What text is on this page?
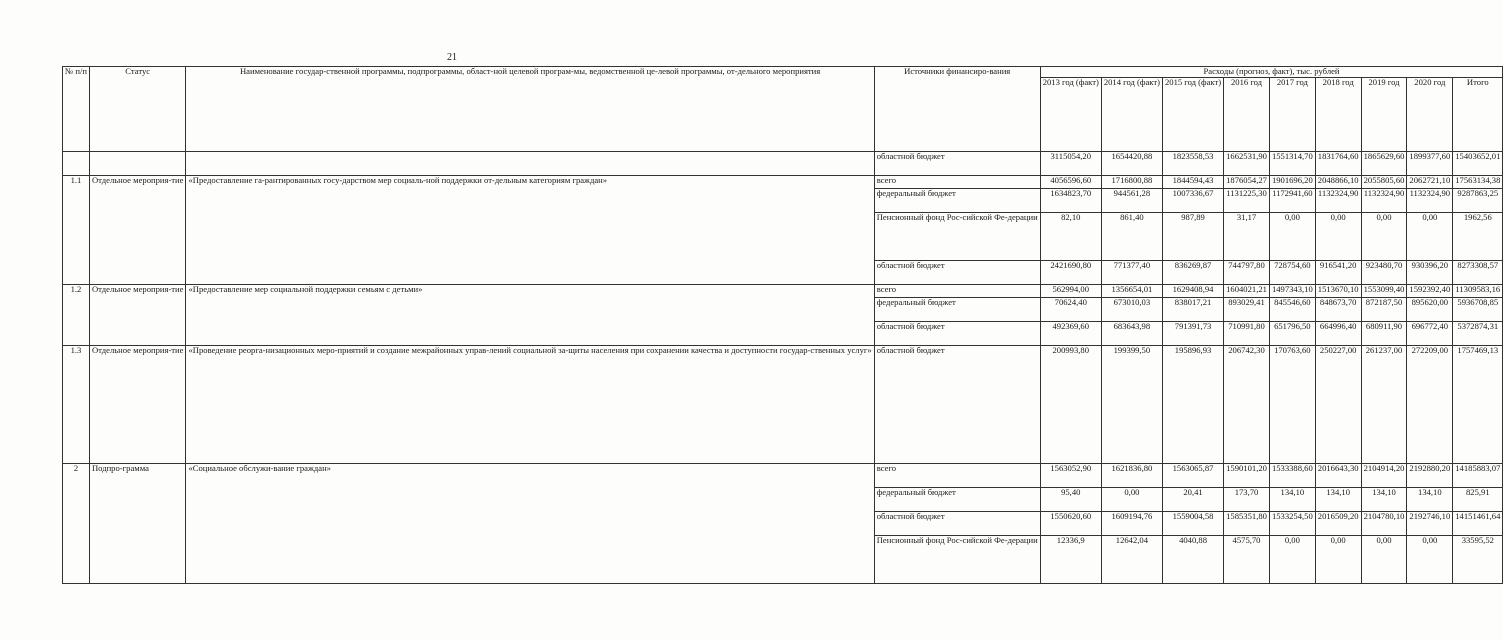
21
№ п/п	Статус	Наименование государ-ственной программы, подпрограммы, област-ной целевой програм-мы, ведомственной це-левой программы, от-дельного мероприятия	Источники финансиро-вания	Расходы (прогноз, факт), тыс. рублей								
				2013 год (факт)	2014 год (факт)	2015 год (факт)	2016 год	2017 год	2018 год	2019 год	2020 год	Итого
			областной бюджет	3115054,20	1654420,88	1823558,53	1662531,90	1551314,70	1831764,60	1865629,60	1899377,60	15403652,01
1.1	Отдельное мероприя-тие	«Предоставление га-рантированных госу-дарством мер социаль-ной поддержки от-дельным категориям граждан»	всего	4056596,60	1716800,88	1844594,43	1876054,27	1901696,20	2048866,10	2055805,60	2062721,10	17563134,38
			федеральный бюджет	1634823,70	944561,28	1007336,67	1131225,30	1172941,60	1132324,90	1132324,90	1132324,90	9287863,25
			Пенсионный фонд Рос-сийской Фе-дерации	82,10	861,40	987,89	31,17	0,00	0,00	0,00	0,00	1962,56
			областной бюджет	2421690,80	771377,40	836269,87	744797,80	728754,60	916541,20	923480,70	930396,20	8273308,57
1.2	Отдельное мероприя-тие	«Предоставление мер социальной поддержки семьям с детьми»	всего	562994,00	1356654,01	1629408,94	1604021,21	1497343,10	1513670,10	1553099,40	1592392,40	11309583,16
			федеральный бюджет	70624,40	673010,03	838017,21	893029,41	845546,60	848673,70	872187,50	895620,00	5936708,85
			областной бюджет	492369,60	683643,98	791391,73	710991,80	651796,50	664996,40	680911,90	696772,40	5372874,31
1.3	Отдельное мероприя-тие	«Проведение реорга-низационных меро-приятий и создание межрайонных управ-лений социальной за-щиты населения при сохранении качества и доступности государ-ственных услуг»	областной бюджет	200993,80	199399,50	195896,93	206742,30	170763,60	250227,00	261237,00	272209,00	1757469,13
2	Подпро-грамма	«Социальное обслужи-вание граждан»	всего	1563052,90	1621836,80	1563065,87	1590101,20	1533388,60	2016643,30	2104914,20	2192880,20	14185883,07
			федеральный бюджет	95,40	0,00	20,41	173,70	134,10	134,10	134,10	134,10	825,91
			областной бюджет	1550620,60	1609194,76	1559004,58	1585351,80	1533254,50	2016509,20	2104780,10	2192746,10	14151461,64
			Пенсионный фонд Рос-сийской Фе-дерации	12336,9	12642,04	4040,88	4575,70	0,00	0,00	0,00	0,00	33595,52
